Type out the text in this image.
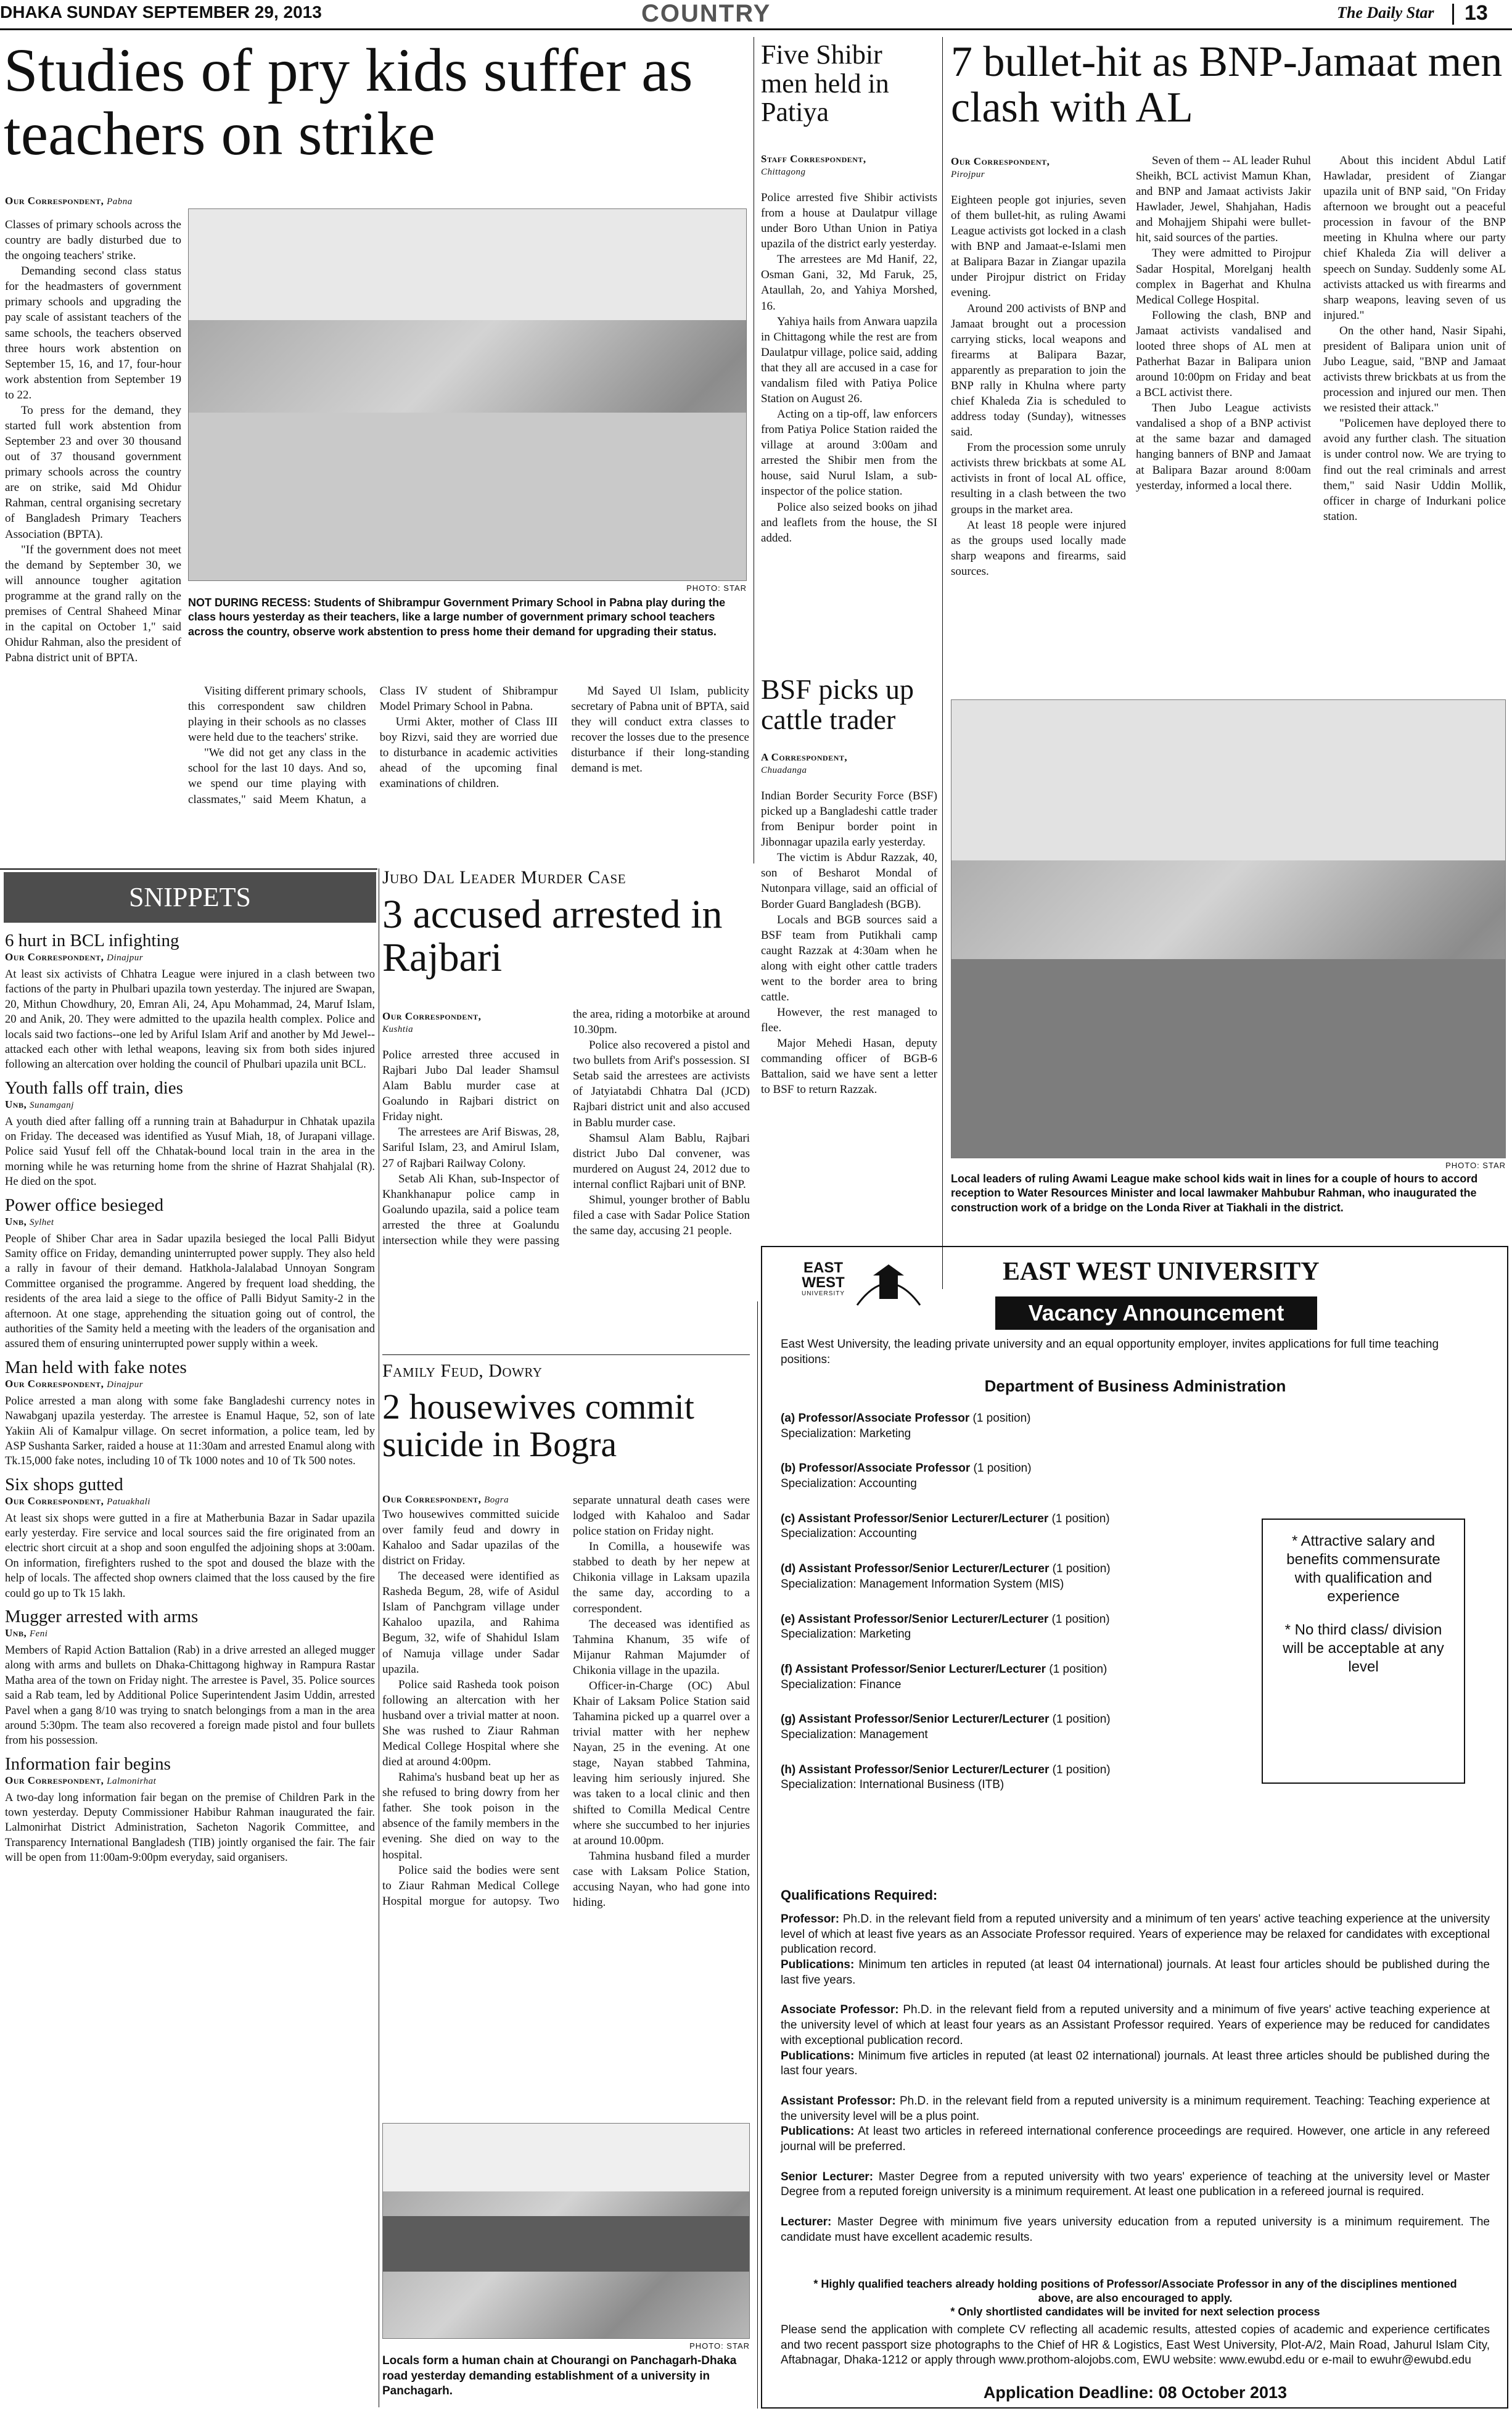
DHAKA SUNDAY SEPTEMBER 29, 2013	COUNTRY	The Daily Star 13
Studies of pry kids suffer as teachers on strike
Our Correspondent, Pabna

Classes of primary schools across the country are badly disturbed due to the ongoing teachers' strike.

Demanding second class status for the headmasters of government primary schools and upgrading the pay scale of assistant teachers of the same schools, the teachers observed three hours work abstention on September 15, 16, and 17, four-hour work abstention from September 19 to 22.

To press for the demand, they started full work abstention from September 23 and over 30 thousand out of 37 thousand government primary schools across the country are on strike, said Md Ohidur Rahman, central organising secretary of Bangladesh Primary Teachers Association (BPTA).

"If the government does not meet the demand by September 30, we will announce tougher agitation programme at the grand rally on the premises of Central Shaheed Minar in the capital on October 1," said Ohidur Rahman, also the president of Pabna district unit of BPTA.

PHOTO: STAR
NOT DURING RECESS: Students of Shibrampur Government Primary School in Pabna play during the class hours yesterday as their teachers, like a large number of government primary school teachers across the country, observe work abstention to press home their demand for upgrading their status.

Visiting different primary schools, this correspondent saw children playing in their schools as no classes were held due to the teachers' strike.

"We did not get any class in the school for the last 10 days. And so, we spend our time playing with classmates," said Meem Khatun, a Class IV student of Shibrampur Model Primary School in Pabna.

Urmi Akter, mother of Class III boy Rizvi, said they are worried due to disturbance in academic activities ahead of the upcoming final examinations of children.

Md Sayed Ul Islam, publicity secretary of Pabna unit of BPTA, said they will conduct extra classes to recover the losses due to the presence disturbance if their long-standing demand is met.

Five Shibir men held in Patiya
Staff Correspondent,
Chittagong

Police arrested five Shibir activists from a house at Daulatpur village under Boro Uthan Union in Patiya upazila of the district early yesterday.

The arrestees are Md Hanif, 22, Osman Gani, 32, Md Faruk, 25, Ataullah, 2o, and Yahiya Morshed, 16.

Yahiya hails from Anwara uapzila in Chittagong while the rest are from Daulatpur village, police said, adding that they all are accused in a case for vandalism filed with Patiya Police Station on August 26.

Acting on a tip-off, law enforcers from Patiya Police Station raided the village at around 3:00am and arrested the Shibir men from the house, said Nurul Islam, a sub-inspector of the police station.

Police also seized books on jihad and leaflets from the house, the SI added.

BSF picks up cattle trader
A Correspondent,
Chuadanga

Indian Border Security Force (BSF) picked up a Bangladeshi cattle trader from Benipur border point in Jibonnagar upazila early yesterday.

The victim is Abdur Razzak, 40, son of Besharot Mondal of Nutonpara village, said an official of Border Guard Bangladesh (BGB).

Locals and BGB sources said a BSF team from Putikhali camp caught Razzak at 4:30am when he along with eight other cattle traders went to the border area to bring cattle.

However, the rest managed to flee.

Major Mehedi Hasan, deputy commanding officer of BGB-6 Battalion, said we have sent a letter to BSF to return Razzak.

7 bullet-hit as BNP-Jamaat men clash with AL
Our Correspondent,
Pirojpur

Eighteen people got injuries, seven of them bullet-hit, as ruling Awami League activists got locked in a clash with BNP and Jamaat-e-Islami men at Balipara Bazar in Ziangar upazila under Pirojpur district on Friday evening.

Around 200 activists of BNP and Jamaat brought out a procession carrying sticks, local weapons and firearms at Balipara Bazar, apparently as preparation to join the BNP rally in Khulna where party chief Khaleda Zia is scheduled to address today (Sunday), witnesses said.

From the procession some unruly activists threw brickbats at some AL activists in front of local AL office, resulting in a clash between the two groups in the market area.

At least 18 people were injured as the groups used locally made sharp weapons and firearms, said sources.

Seven of them -- AL leader Ruhul Sheikh, BCL activist Mamun Khan, and BNP and Jamaat activists Jakir Hawlader, Jewel, Shahjahan, Hadis and Mohajjem Shipahi were bullet-hit, said sources of the parties.

They were admitted to Pirojpur Sadar Hospital, Morelganj health complex in Bagerhat and Khulna Medical College Hospital.

Following the clash, BNP and Jamaat activists vandalised and looted three shops of AL men at Patherhat Bazar in Balipara union around 10:00pm on Friday and beat a BCL activist there.

Then Jubo League activists vandalised a shop of a BNP activist at the same bazar and damaged hanging banners of BNP and Jamaat at Balipara Bazar around 8:00am yesterday, informed a local there.

About this incident Abdul Latif Hawladar, president of Ziangar upazila unit of BNP said, "On Friday afternoon we brought out a peaceful procession in favour of the BNP meeting in Khulna where our party chief Khaleda Zia will deliver a speech on Sunday. Suddenly some AL activists attacked us with firearms and sharp weapons, leaving seven of us injured."

On the other hand, Nasir Sipahi, president of Balipara union unit of Jubo League, said, "BNP and Jamaat activists threw brickbats at us from the procession and injured our men. Then we resisted their attack."

"Policemen have deployed there to avoid any further clash. The situation is under control now. We are trying to find out the real criminals and arrest them," said Nasir Uddin Mollik, officer in charge of Indurkani police station.

PHOTO: STAR
Local leaders of ruling Awami League make school kids wait in lines for a couple of hours to accord reception to Water Resources Minister and local lawmaker Mahbubur Rahman, who inaugurated the construction work of a bridge on the Londa River at Tiakhali in the district.
SNIPPETS
6 hurt in BCL infighting
Our Correspondent, Dinajpur
At least six activists of Chhatra League were injured in a clash between two factions of the party in Phulbari upazila town yesterday. The injured are Swapan, 20, Mithun Chowdhury, 20, Emran Ali, 24, Apu Mohammad, 24, Maruf Islam, 20 and Anik, 20. They were admitted to the upazila health complex. Police and locals said two factions--one led by Ariful Islam Arif and another by Md Jewel--attacked each other with lethal weapons, leaving six from both sides injured following an altercation over holding the council of Phulbari upazila unit BCL.
Youth falls off train, dies
Unb, Sunamganj
A youth died after falling off a running train at Bahadurpur in Chhatak upazila on Friday. The deceased was identified as Yusuf Miah, 18, of Jurapani village. Police said Yusuf fell off the Chhatak-bound local train in the area in the morning while he was returning home from the shrine of Hazrat Shahjalal (R). He died on the spot.
Power office besieged
Unb, Sylhet
People of Shiber Char area in Sadar upazila besieged the local Palli Bidyut Samity office on Friday, demanding uninterrupted power supply. They also held a rally in favour of their demand. Hatkhola-Jalalabad Unnoyan Songram Committee organised the programme. Angered by frequent load shedding, the residents of the area laid a siege to the office of Palli Bidyut Samity-2 in the afternoon. At one stage, apprehending the situation going out of control, the authorities of the Samity held a meeting with the leaders of the organisation and assured them of ensuring uninterrupted power supply within a week.
Man held with fake notes
Our Correspondent, Dinajpur
Police arrested a man along with some fake Bangladeshi currency notes in Nawabganj upazila yesterday. The arrestee is Enamul Haque, 52, son of late Yakiin Ali of Kamalpur village. On secret information, a police team, led by ASP Sushanta Sarker, raided a house at 11:30am and arrested Enamul along with Tk.15,000 fake notes, including 10 of Tk 1000 notes and 10 of Tk 500 notes.
Six shops gutted
Our Correspondent, Patuakhali
At least six shops were gutted in a fire at Matherbunia Bazar in Sadar upazila early yesterday. Fire service and local sources said the fire originated from an electric short circuit at a shop and soon engulfed the adjoining shops at 3:00am. On information, firefighters rushed to the spot and doused the blaze with the help of locals. The affected shop owners claimed that the loss caused by the fire could go up to Tk 15 lakh.
Mugger arrested with arms
Unb, Feni
Members of Rapid Action Battalion (Rab) in a drive arrested an alleged mugger along with arms and bullets on Dhaka-Chittagong highway in Rampura Rastar Matha area of the town on Friday night. The arrestee is Pavel, 35. Police sources said a Rab team, led by Additional Police Superintendent Jasim Uddin, arrested Pavel when a gang 8/10 was trying to snatch belongings from a man in the area around 5:30pm. The team also recovered a foreign made pistol and four bullets from his possession.
Information fair begins
Our Correspondent, Lalmonirhat
A two-day long information fair began on the premise of Children Park in the town yesterday. Deputy Commissioner Habibur Rahman inaugurated the fair. Lalmonirhat District Administration, Sacheton Nagorik Committee, and Transparency International Bangladesh (TIB) jointly organised the fair. The fair will be open from 11:00am-9:00pm everyday, said organisers.
Jubo Dal Leader Murder Case
3 accused arrested in Rajbari
Our Correspondent,
Kushtia

Police arrested three accused in Rajbari Jubo Dal leader Shamsul Alam Bablu murder case at Goalundo in Rajbari district on Friday night.

The arrestees are Arif Biswas, 28, Sariful Islam, 23, and Amirul Islam, 27 of Rajbari Railway Colony.

Setab Ali Khan, sub-Inspector of Khankhanapur police camp in Goalundo upazila, said a police team arrested the three at Goalundu intersection while they were passing the area, riding a motorbike at around 10.30pm.

Police also recovered a pistol and two bullets from Arif's possession. SI Setab said the arrestees are activists of Jatyiatabdi Chhatra Dal (JCD) Rajbari district unit and also accused in Bablu murder case.

Shamsul Alam Bablu, Rajbari district Jubo Dal convener, was murdered on August 24, 2012 due to internal conflict Rajbari unit of BNP.

Shimul, younger brother of Bablu filed a case with Sadar Police Station the same day, accusing 21 people.

Family Feud, Dowry
2 housewives commit suicide in Bogra
Our Correspondent, Bogra

Two housewives committed suicide over family feud and dowry in Kahaloo and Sadar upazilas of the district on Friday.

The deceased were identified as Rasheda Begum, 28, wife of Asidul Islam of Panchgram village under Kahaloo upazila, and Rahima Begum, 32, wife of Shahidul Islam of Namuja village under Sadar upazila.

Police said Rasheda took poison following an altercation with her husband over a trivial matter at noon. She was rushed to Ziaur Rahman Medical College Hospital where she died at around 4:00pm.

Rahima's husband beat up her as she refused to bring dowry from her father. She took poison in the absence of the family members in the evening. She died on way to the hospital.

Police said the bodies were sent to Ziaur Rahman Medical College Hospital morgue for autopsy. Two separate unnatural death cases were lodged with Kahaloo and Sadar police station on Friday night.

In Comilla, a housewife was stabbed to death by her nepew at Chikonia village in Laksam upazila the same day, according to a correspondent.

The deceased was identified as Tahmina Khanum, 35 wife of Mijanur Rahman Majumder of Chikonia village in the upazila.

Officer-in-Charge (OC) Abul Khair of Laksam Police Station said Tahamina picked up a quarrel over a trivial matter with her nephew Nayan, 25 in the evening. At one stage, Nayan stabbed Tahmina, leaving him seriously injured. She was taken to a local clinic and then shifted to Comilla Medical Centre where she succumbed to her injuries at around 10.00pm.

Tahmina husband filed a murder case with Laksam Police Station, accusing Nayan, who had gone into hiding.

PHOTO: STAR
Locals form a human chain at Chourangi on Panchagarh-Dhaka road yesterday demanding establishment of a university in Panchagarh.
EAST
WEST
UNIVERSITY
EAST WEST UNIVERSITY
Vacancy Announcement
East West University, the leading private university and an equal opportunity employer, invites applications for full time teaching positions:
Department of Business Administration
(a) Professor/Associate Professor (1 position)
Specialization: Marketing
(b) Professor/Associate Professor (1 position)
Specialization: Accounting
(c) Assistant Professor/Senior Lecturer/Lecturer (1 position)
Specialization: Accounting
(d) Assistant Professor/Senior Lecturer/Lecturer (1 position)
Specialization: Management Information System (MIS)
(e) Assistant Professor/Senior Lecturer/Lecturer (1 position)
Specialization: Marketing
(f) Assistant Professor/Senior Lecturer/Lecturer (1 position)
Specialization: Finance
(g) Assistant Professor/Senior Lecturer/Lecturer (1 position)
Specialization: Management
(h) Assistant Professor/Senior Lecturer/Lecturer (1 position)
Specialization: International Business (ITB)
* Attractive salary and benefits commensurate with qualification and experience
* No third class/ division will be acceptable at any level
Qualifications Required:
Professor: Ph.D. in the relevant field from a reputed university and a minimum of ten years' active teaching experience at the university level of which at least five years as an Associate Professor required. Years of experience may be relaxed for candidates with exceptional publication record.
Publications: Minimum ten articles in reputed (at least 04 international) journals. At least four articles should be published during the last five years.
Associate Professor: Ph.D. in the relevant field from a reputed university and a minimum of five years' active teaching experience at the university level of which at least four years as an Assistant Professor required. Years of experience may be reduced for candidates with exceptional publication record.
Publications: Minimum five articles in reputed (at least 02 international) journals. At least three articles should be published during the last four years.
Assistant Professor: Ph.D. in the relevant field from a reputed university is a minimum requirement. Teaching: Teaching experience at the university level will be a plus point.
Publications: At least two articles in refereed international conference proceedings are required. However, one article in any refereed journal will be preferred.
Senior Lecturer: Master Degree from a reputed university with two years' experience of teaching at the university level or Master Degree from a reputed foreign university is a minimum requirement. At least one publication in a refereed journal is required.
Lecturer: Master Degree with minimum five years university education from a reputed university is a minimum requirement. The candidate must have excellent academic results.
* Highly qualified teachers already holding positions of Professor/Associate Professor in any of the disciplines mentioned above, are also encouraged to apply.
* Only shortlisted candidates will be invited for next selection process
Please send the application with complete CV reflecting all academic results, attested copies of academic and experience certificates and two recent passport size photographs to the Chief of HR & Logistics, East West University, Plot-A/2, Main Road, Jahurul Islam City, Aftabnagar, Dhaka-1212 or apply through www.prothom-alojobs.com, EWU website: www.ewubd.edu or e-mail to ewuhr@ewubd.edu
Application Deadline: 08 October 2013
